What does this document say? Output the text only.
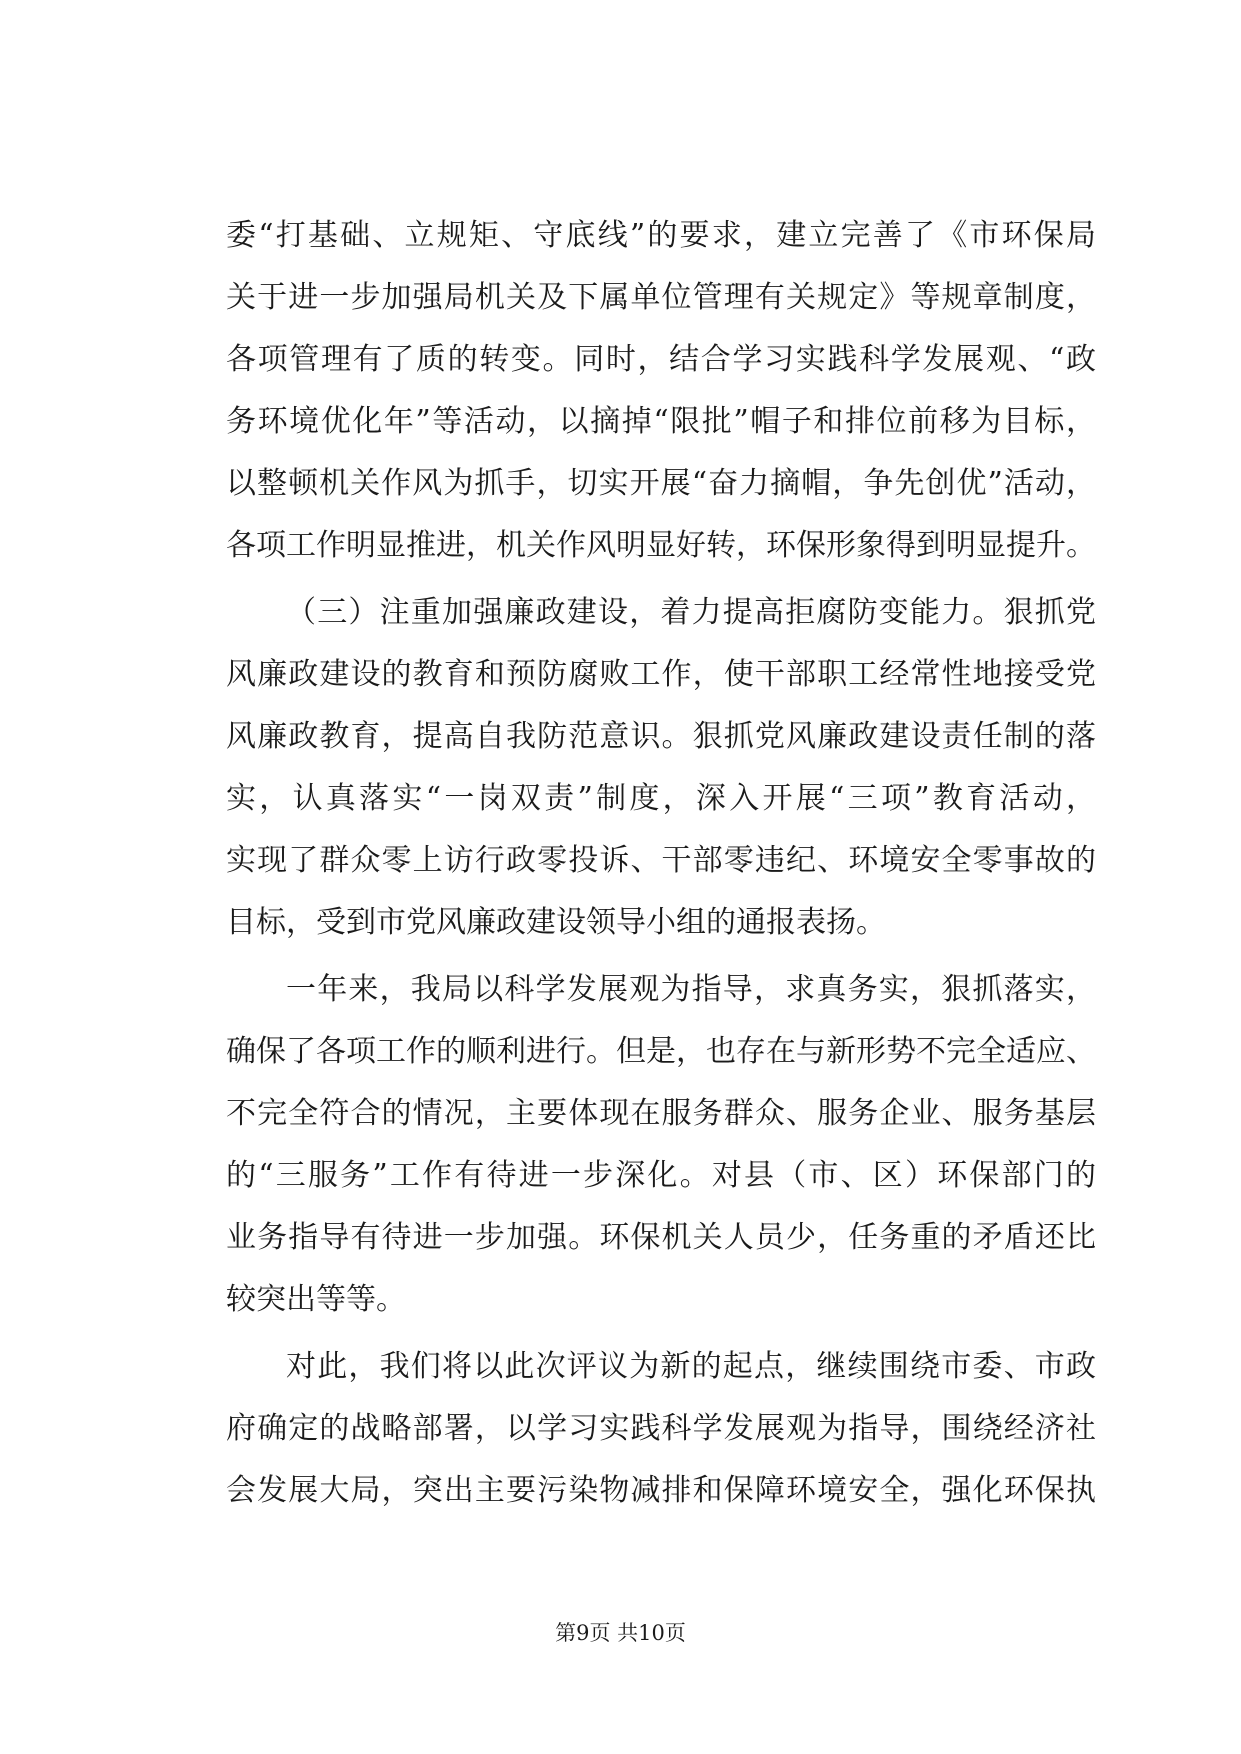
委“打基础、立规矩、守底线”的要求，建立完善了《市环保局
关于进一步加强局机关及下属单位管理有关规定》等规章制度，
各项管理有了质的转变。同时，结合学习实践科学发展观、“政
务环境优化年”等活动，以摘掉“限批”帽子和排位前移为目标，
以整顿机关作风为抓手，切实开展“奋力摘帽，争先创优”活动，
各项工作明显推进，机关作风明显好转，环保形象得到明显提升。
（三）注重加强廉政建设，着力提高拒腐防变能力。狠抓党
风廉政建设的教育和预防腐败工作，使干部职工经常性地接受党
风廉政教育，提高自我防范意识。狠抓党风廉政建设责任制的落
实，认真落实“一岗双责”制度，深入开展“三项”教育活动，
实现了群众零上访行政零投诉、干部零违纪、环境安全零事故的
目标，受到市党风廉政建设领导小组的通报表扬。
一年来，我局以科学发展观为指导，求真务实，狠抓落实，
确保了各项工作的顺利进行。但是，也存在与新形势不完全适应、
不完全符合的情况，主要体现在服务群众、服务企业、服务基层
的“三服务”工作有待进一步深化。对县（市、区）环保部门的
业务指导有待进一步加强。环保机关人员少，任务重的矛盾还比
较突出等等。
对此，我们将以此次评议为新的起点，继续围绕市委、市政
府确定的战略部署，以学习实践科学发展观为指导，围绕经济社
会发展大局，突出主要污染物减排和保障环境安全，强化环保执
第9页 共10页
